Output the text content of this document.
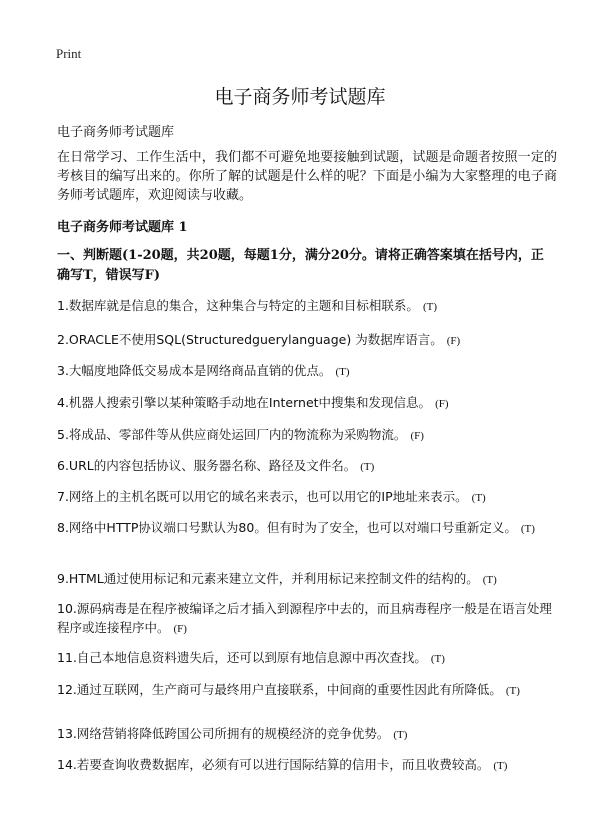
Print
电子商务师考试题库
电子商务师考试题库
在日常学习、工作生活中，我们都不可避免地要接触到试题，试题是命题者按照一定的考核目的编写出来的。你所了解的试题是什么样的呢？下面是小编为大家整理的电子商务师考试题库，欢迎阅读与收藏。
电子商务师考试题库 1
一、判断题(1-20题，共20题，每题1分，满分20分。请将正确答案填在括号内，正确写T，错误写F)
1.数据库就是信息的集合，这种集合与特定的主题和目标相联系。 (T)
2.ORACLE不使用SQL(Structuredguerylanguage) 为数据库语言。 (F)
3.大幅度地降低交易成本是网络商品直销的优点。 (T)
4.机器人搜索引擎以某种策略手动地在Internet中搜集和发现信息。 (F)
5.将成品、零部件等从供应商处运回厂内的物流称为采购物流。 (F)
6.URL的内容包括协议、服务器名称、路径及文件名。 (T)
7.网络上的主机名既可以用它的域名来表示，也可以用它的IP地址来表示。 (T)
8.网络中HTTP协议端口号默认为80。但有时为了安全，也可以对端口号重新定义。 (T)
9.HTML通过使用标记和元素来建立文件，并利用标记来控制文件的结构的。 (T)
10.源码病毒是在程序被编译之后才插入到源程序中去的，而且病毒程序一般是在语言处理程序或连接程序中。 (F)
11.自己本地信息资料遗失后，还可以到原有地信息源中再次查找。 (T)
12.通过互联网，生产商可与最终用户直接联系，中间商的重要性因此有所降低。 (T)
13.网络营销将降低跨国公司所拥有的规模经济的竞争优势。 (T)
14.若要查询收费数据库，必须有可以进行国际结算的信用卡，而且收费较高。 (T)
